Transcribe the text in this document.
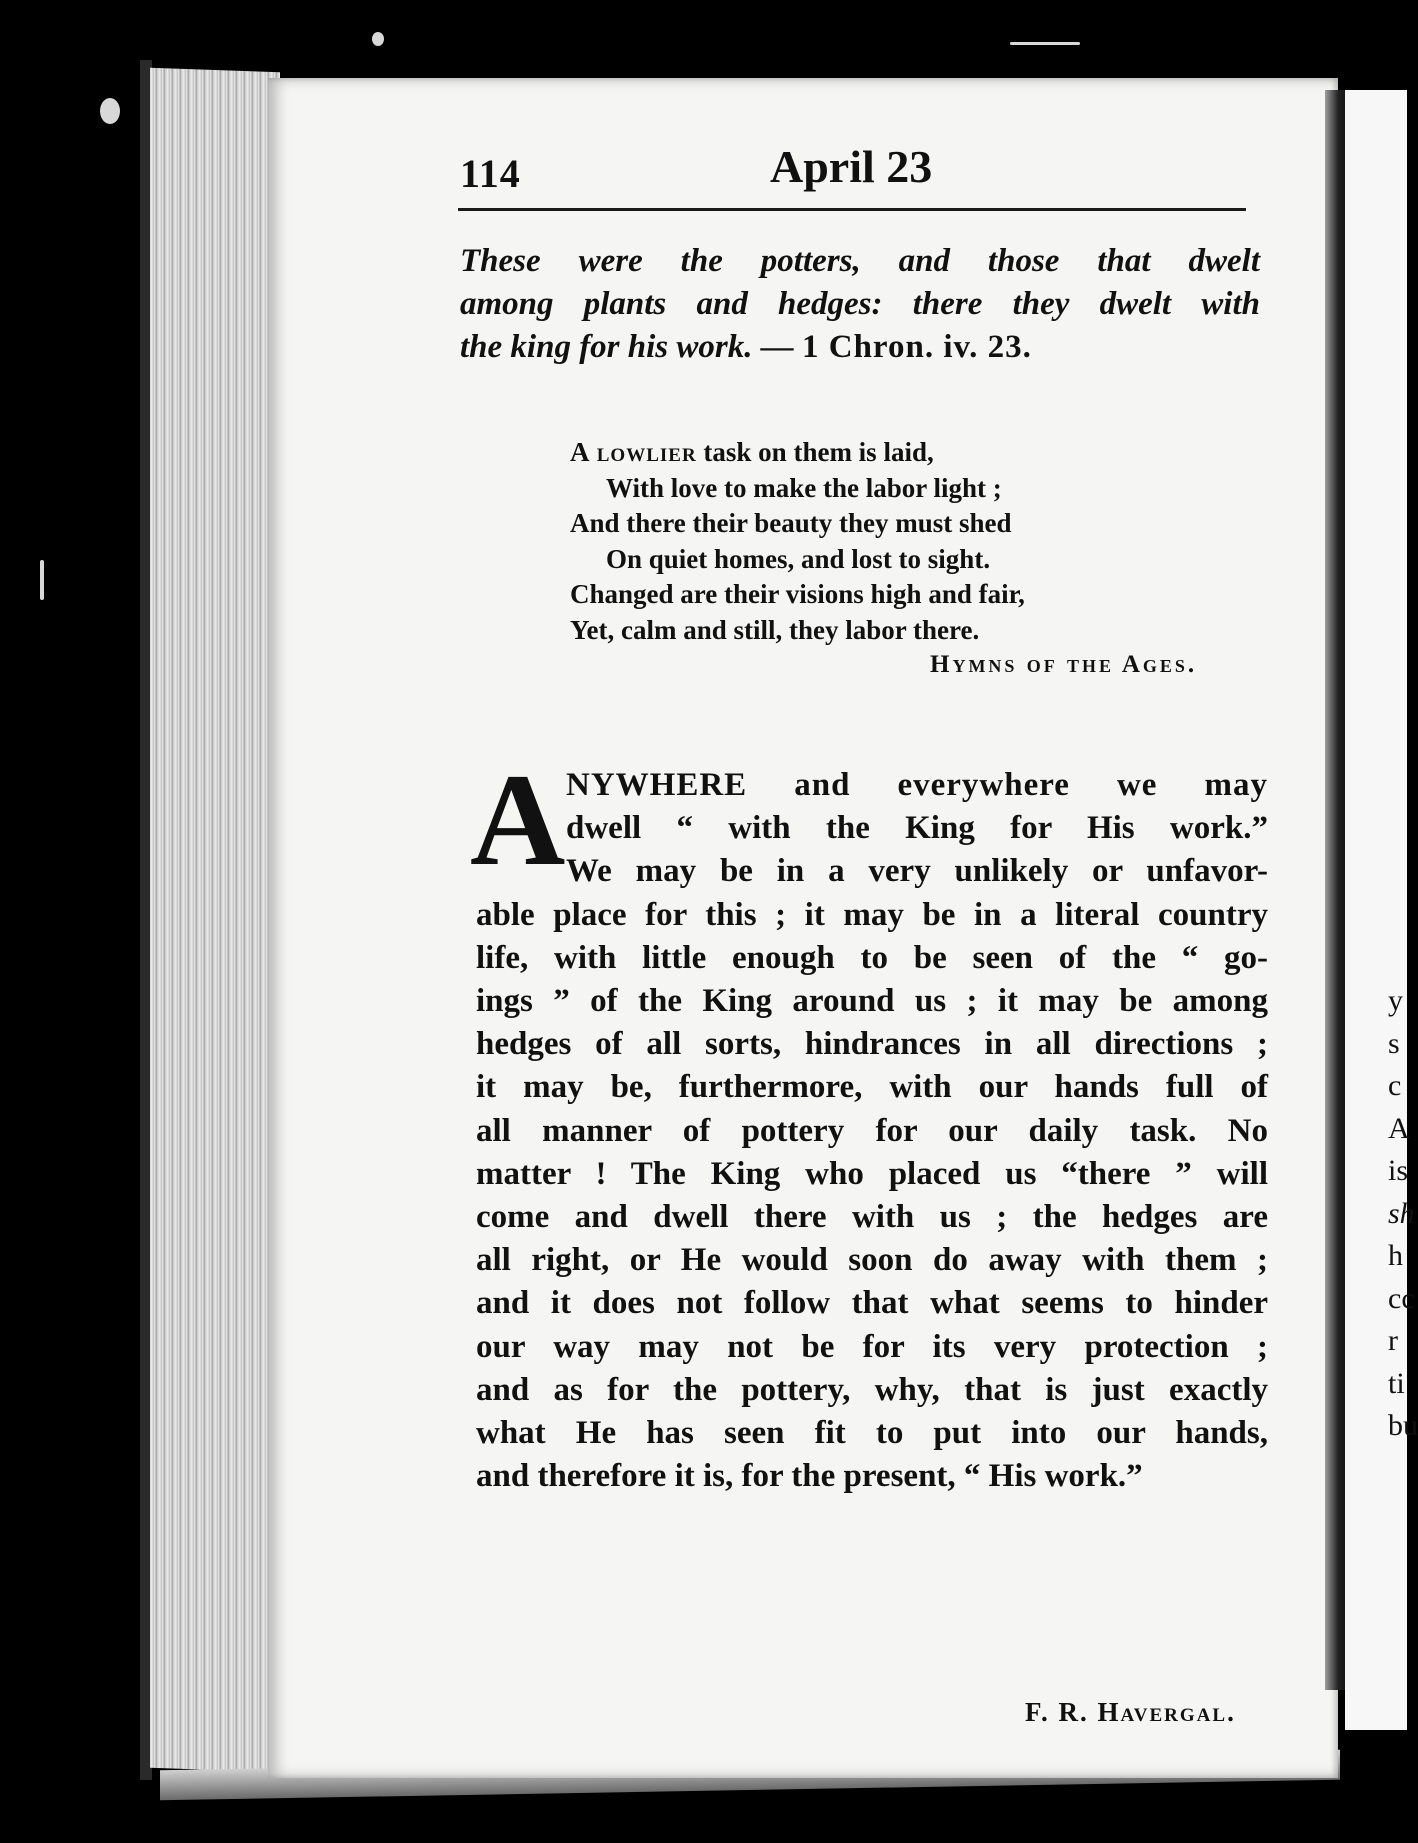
y
s
c
A
is
sh
h
cc
r
ti
bu
114	April 23
These were the potters, and those that dwelt
among plants and hedges: there they dwelt with
the king for his work. — 1 Chron. iv. 23.
A lowlier task on them is laid,
With love to make the labor light ;
And there their beauty they must shed
On quiet homes, and lost to sight.
Changed are their visions high and fair,
Yet, calm and still, they labor there.
Hymns of the Ages.
A NYWHERE and everywhere we may
dwell “ with the King for His work.”
We may be in a very unlikely or unfavor-
able place for this ; it may be in a literal country
life, with little enough to be seen of the “ go-
ings ” of the King around us ; it may be among
hedges of all sorts, hindrances in all directions ;
it may be, furthermore, with our hands full of
all manner of pottery for our daily task. No
matter ! The King who placed us “there ” will
come and dwell there with us ; the hedges are
all right, or He would soon do away with them ;
and it does not follow that what seems to hinder
our way may not be for its very protection ;
and as for the pottery, why, that is just exactly
what He has seen fit to put into our hands,
and therefore it is, for the present, “ His work.”
F. R. Havergal.
